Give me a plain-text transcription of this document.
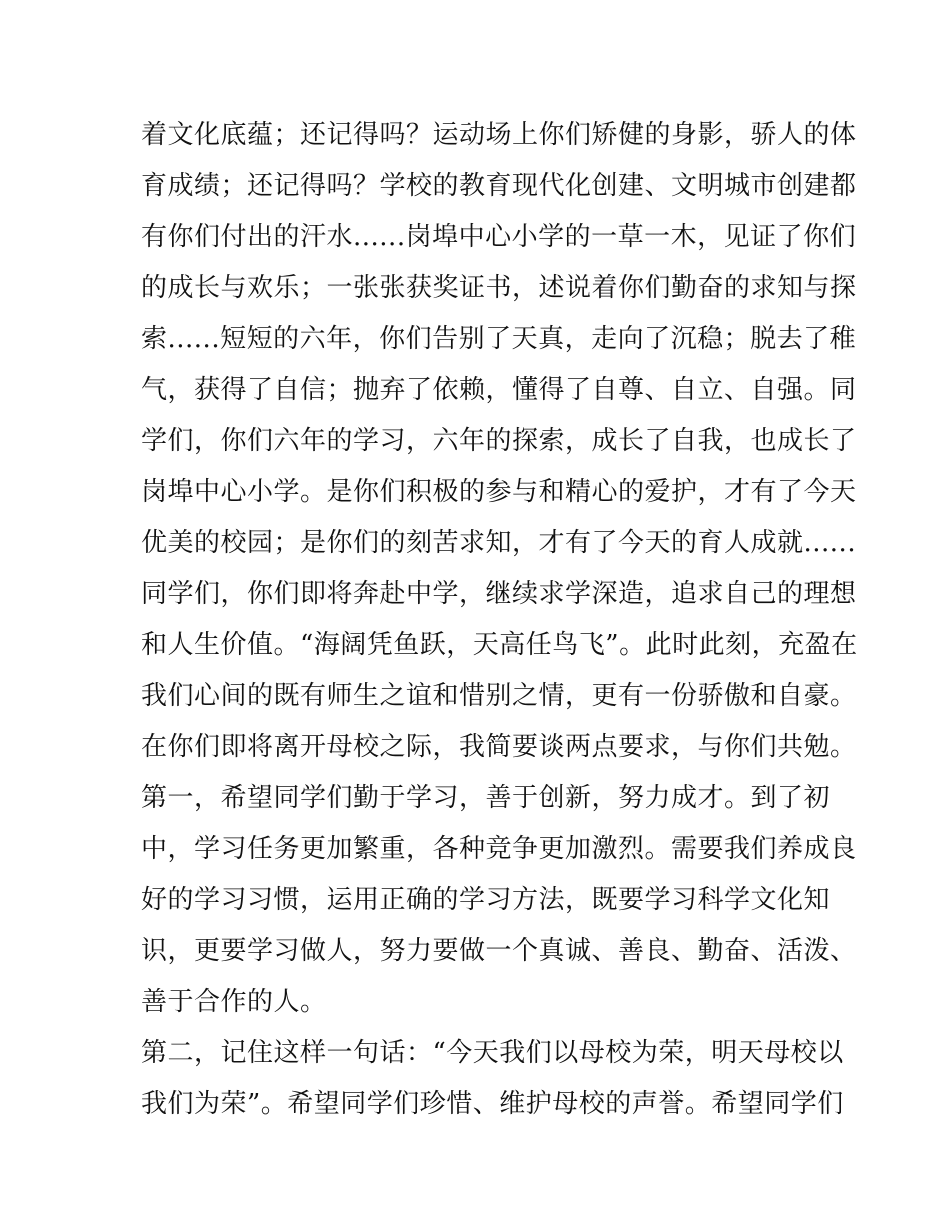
着文化底蕴；还记得吗？运动场上你们矫健的身影，骄人的体
育成绩；还记得吗？学校的教育现代化创建、文明城市创建都
有你们付出的汗水......岗埠中心小学的一草一木，见证了你们
的成长与欢乐；一张张获奖证书，述说着你们勤奋的求知与探
索......短短的六年，你们告别了天真，走向了沉稳；脱去了稚
气，获得了自信；抛弃了依赖，懂得了自尊、自立、自强。同
学们，你们六年的学习，六年的探索，成长了自我，也成长了
岗埠中心小学。是你们积极的参与和精心的爱护，才有了今天
优美的校园；是你们的刻苦求知，才有了今天的育人成就......
同学们，你们即将奔赴中学，继续求学深造，追求自己的理想
和人生价值。“海阔凭鱼跃，天高任鸟飞”。此时此刻，充盈在
我们心间的既有师生之谊和惜别之情，更有一份骄傲和自豪。
在你们即将离开母校之际，我简要谈两点要求，与你们共勉。
第一，希望同学们勤于学习，善于创新，努力成才。到了初
中，学习任务更加繁重，各种竞争更加激烈。需要我们养成良
好的学习习惯，运用正确的学习方法，既要学习科学文化知
识，更要学习做人，努力要做一个真诚、善良、勤奋、活泼、
善于合作的人。
第二，记住这样一句话：“今天我们以母校为荣，明天母校以
我们为荣”。希望同学们珍惜、维护母校的声誉。希望同学们
